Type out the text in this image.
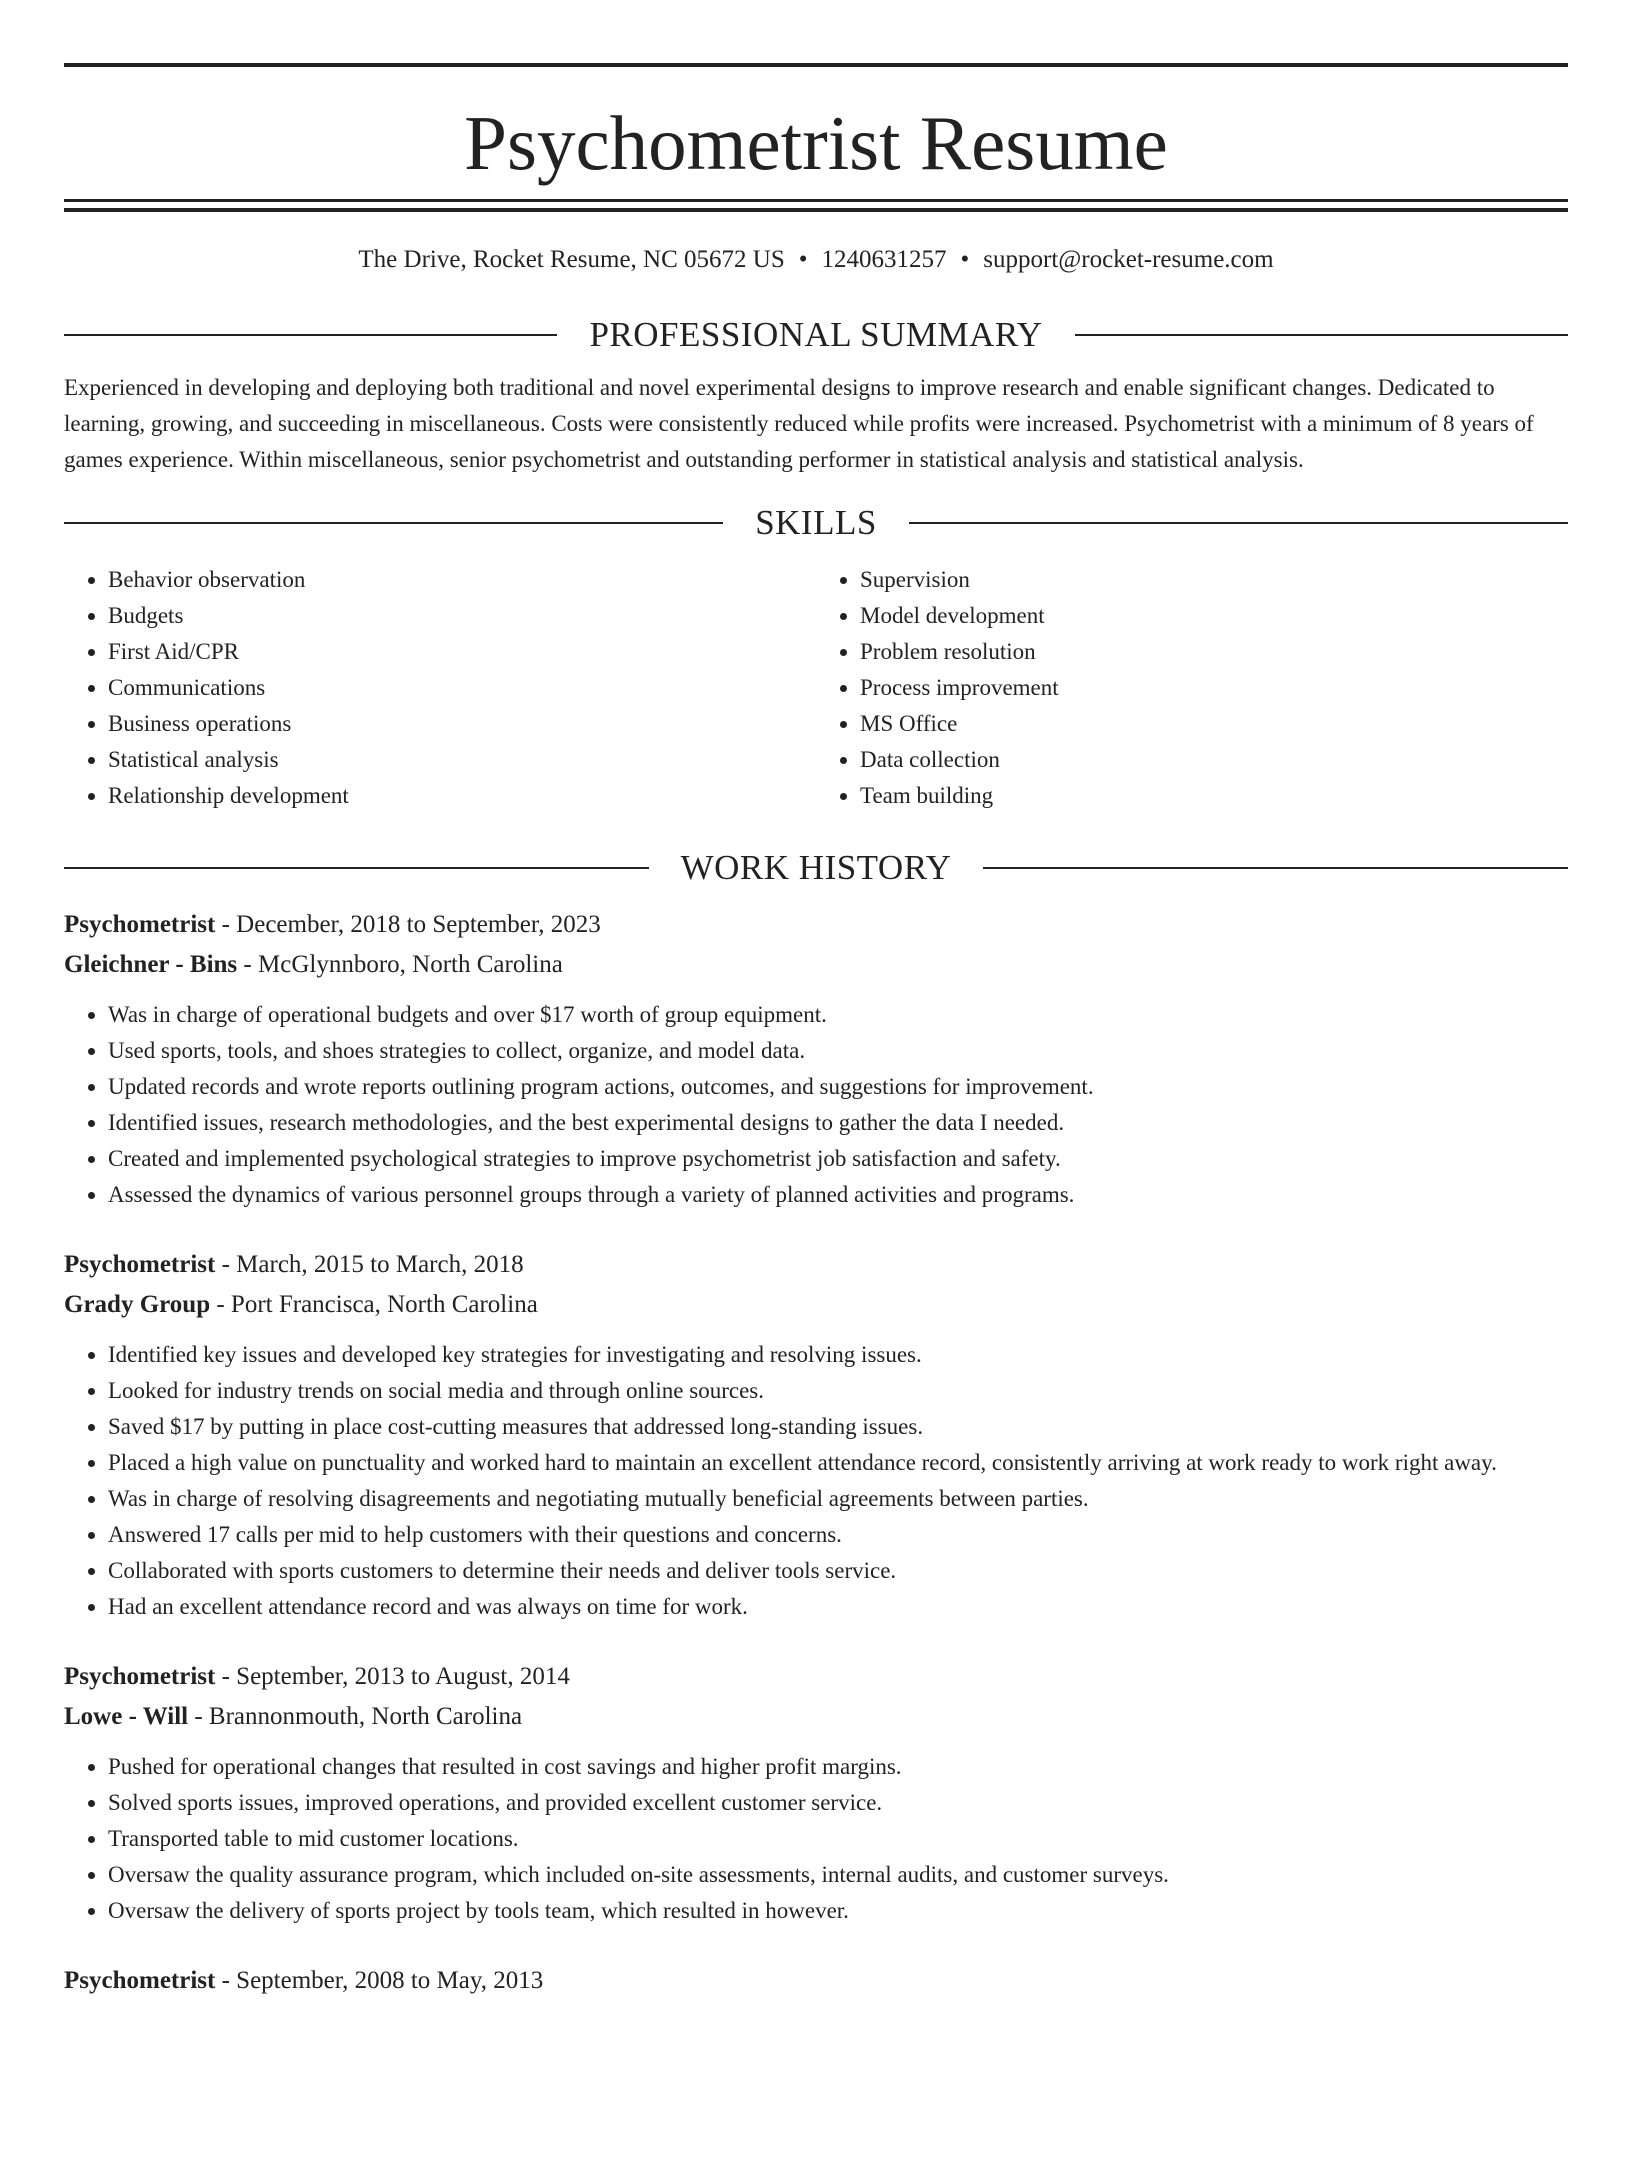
Psychometrist Resume
The Drive, Rocket Resume, NC 05672 US • 1240631257 • support@rocket-resume.com
PROFESSIONAL SUMMARY

Experienced in developing and deploying both traditional and novel experimental designs to improve research and enable significant changes. Dedicated to learning, growing, and succeeding in miscellaneous. Costs were consistently reduced while profits were increased. Psychometrist with a minimum of 8 years of games experience. Within miscellaneous, senior psychometrist and outstanding performer in statistical analysis and statistical analysis.

SKILLS
• Behavior observation
• Budgets
• First Aid/CPR
• Communications
• Business operations
• Statistical analysis
• Relationship development
• Supervision
• Model development
• Problem resolution
• Process improvement
• MS Office
• Data collection
• Team building
WORK HISTORY
Psychometrist - December, 2018 to September, 2023
Gleichner - Bins - McGlynnboro, North Carolina
• Was in charge of operational budgets and over $17 worth of group equipment.
• Used sports, tools, and shoes strategies to collect, organize, and model data.
• Updated records and wrote reports outlining program actions, outcomes, and suggestions for improvement.
• Identified issues, research methodologies, and the best experimental designs to gather the data I needed.
• Created and implemented psychological strategies to improve psychometrist job satisfaction and safety.
• Assessed the dynamics of various personnel groups through a variety of planned activities and programs.
Psychometrist - March, 2015 to March, 2018
Grady Group - Port Francisca, North Carolina
• Identified key issues and developed key strategies for investigating and resolving issues.
• Looked for industry trends on social media and through online sources.
• Saved $17 by putting in place cost-cutting measures that addressed long-standing issues.
• Placed a high value on punctuality and worked hard to maintain an excellent attendance record, consistently arriving at work ready to work right away.
• Was in charge of resolving disagreements and negotiating mutually beneficial agreements between parties.
• Answered 17 calls per mid to help customers with their questions and concerns.
• Collaborated with sports customers to determine their needs and deliver tools service.
• Had an excellent attendance record and was always on time for work.
Psychometrist - September, 2013 to August, 2014
Lowe - Will - Brannonmouth, North Carolina
• Pushed for operational changes that resulted in cost savings and higher profit margins.
• Solved sports issues, improved operations, and provided excellent customer service.
• Transported table to mid customer locations.
• Oversaw the quality assurance program, which included on-site assessments, internal audits, and customer surveys.
• Oversaw the delivery of sports project by tools team, which resulted in however.
Psychometrist - September, 2008 to May, 2013
